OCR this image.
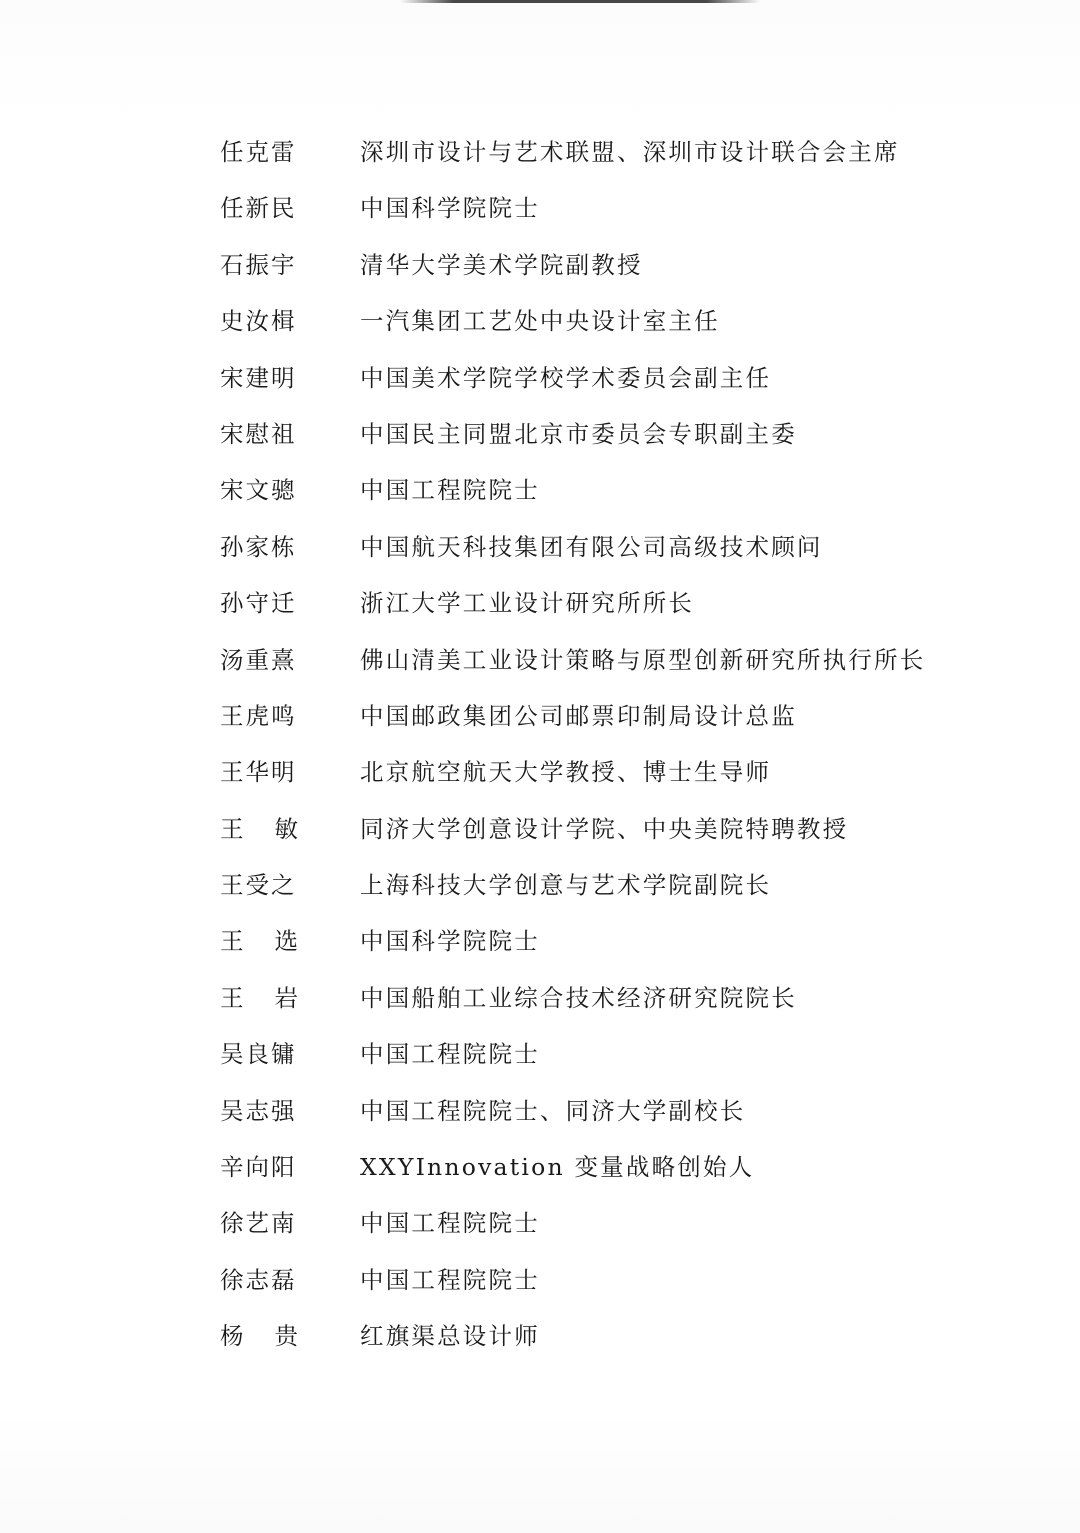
任克雷	深圳市设计与艺术联盟、深圳市设计联合会主席
任新民	中国科学院院士
石振宇	清华大学美术学院副教授
史汝楫	一汽集团工艺处中央设计室主任
宋建明	中国美术学院学校学术委员会副主任
宋慰祖	中国民主同盟北京市委员会专职副主委
宋文骢	中国工程院院士
孙家栋	中国航天科技集团有限公司高级技术顾问
孙守迁	浙江大学工业设计研究所所长
汤重熹	佛山清美工业设计策略与原型创新研究所执行所长
王虎鸣	中国邮政集团公司邮票印制局设计总监
王华明	北京航空航天大学教授、博士生导师
王 敏	同济大学创意设计学院、中央美院特聘教授
王受之	上海科技大学创意与艺术学院副院长
王 选	中国科学院院士
王 岩	中国船舶工业综合技术经济研究院院长
吴良镛	中国工程院院士
吴志强	中国工程院院士、同济大学副校长
辛向阳	XXYInnovation 变量战略创始人
徐艺南	中国工程院院士
徐志磊	中国工程院院士
杨 贵	红旗渠总设计师
